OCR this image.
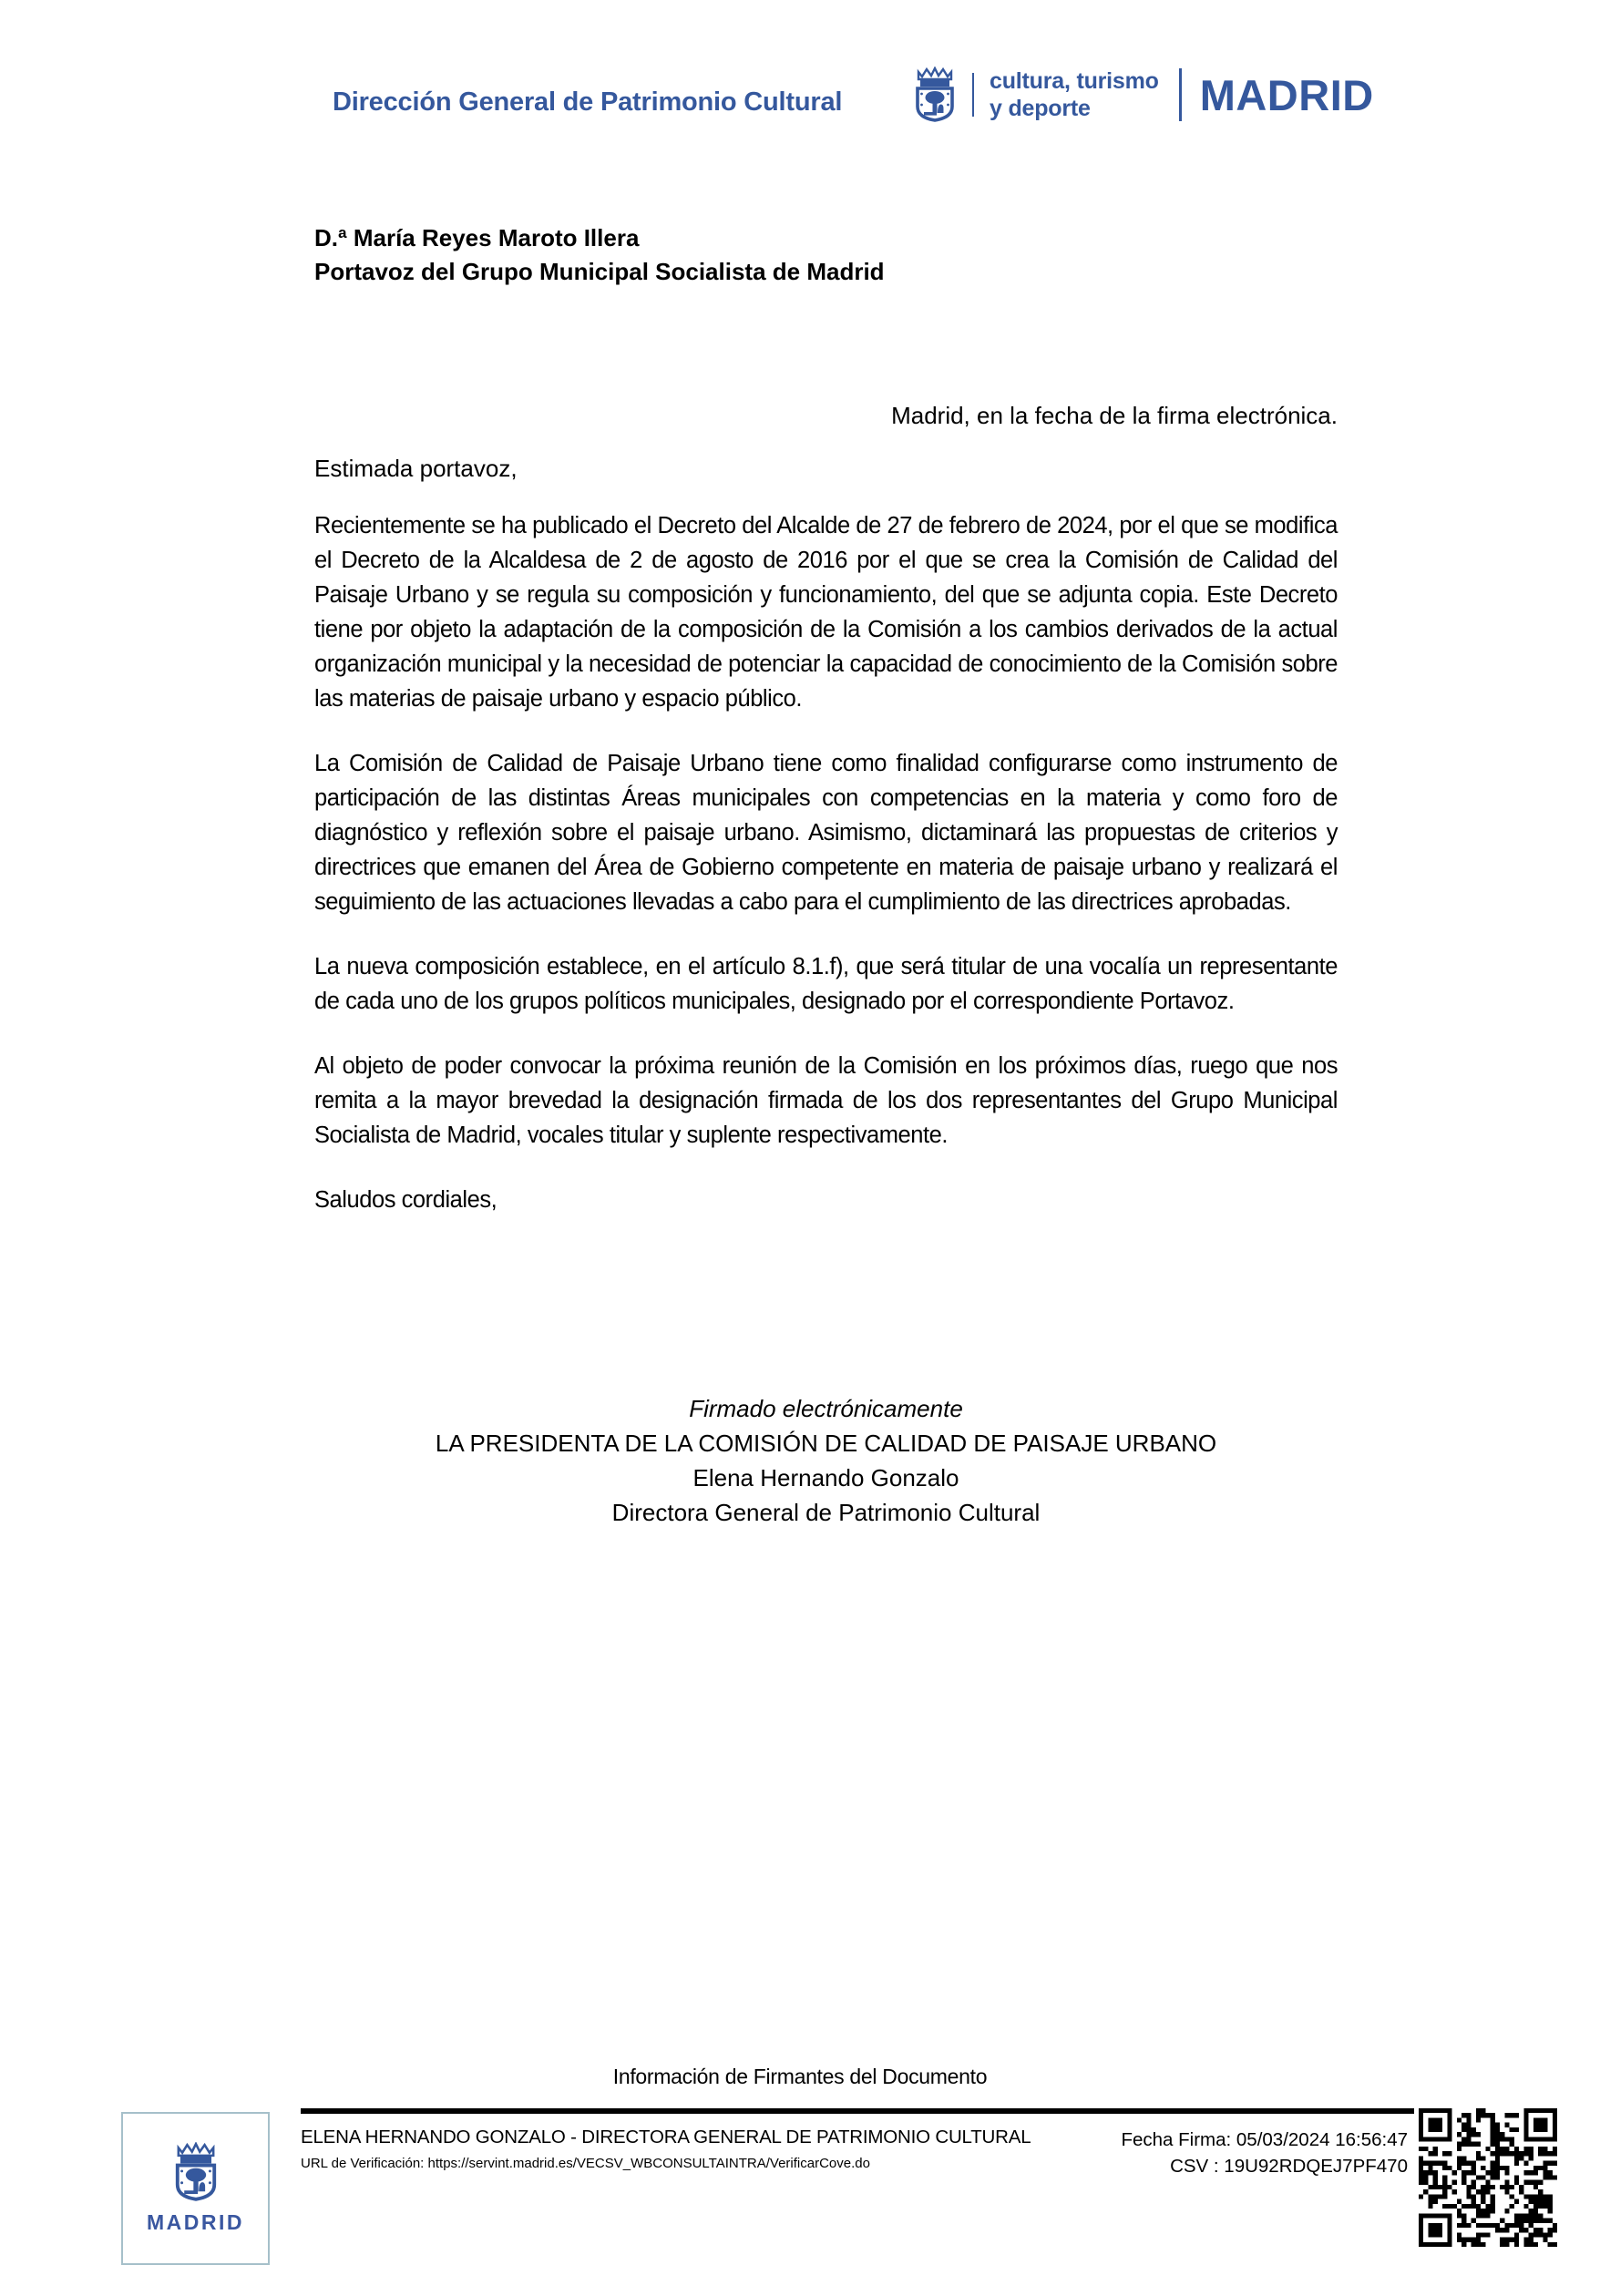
Dirección General de Patrimonio Cultural
cultura, turismo
y deporte	MADRID
D.ª María Reyes Maroto Illera
Portavoz del Grupo Municipal Socialista de Madrid
Madrid, en la fecha de la firma electrónica.
Estimada portavoz,

Recientemente se ha publicado el Decreto del Alcalde de 27 de febrero de 2024, por el que se modifica el Decreto de la Alcaldesa de 2 de agosto de 2016 por el que se crea la Comisión de Calidad del Paisaje Urbano y se regula su composición y funcionamiento, del que se adjunta copia. Este Decreto tiene por objeto la adaptación de la composición de la Comisión a los cambios derivados de la actual organización municipal y la necesidad de potenciar la capacidad de conocimiento de la Comisión sobre las materias de paisaje urbano y espacio público.

La Comisión de Calidad de Paisaje Urbano tiene como finalidad configurarse como instrumento de participación de las distintas Áreas municipales con competencias en la materia y como foro de diagnóstico y reflexión sobre el paisaje urbano. Asimismo, dictaminará las propuestas de criterios y directrices que emanen del Área de Gobierno competente en materia de paisaje urbano y realizará el seguimiento de las actuaciones llevadas a cabo para el cumplimiento de las directrices aprobadas.

La nueva composición establece, en el artículo 8.1.f), que será titular de una vocalía un representante de cada uno de los grupos políticos municipales, designado por el correspondiente Portavoz.

Al objeto de poder convocar la próxima reunión de la Comisión en los próximos días, ruego que nos remita a la mayor brevedad la designación firmada de los dos representantes del Grupo Municipal Socialista de Madrid, vocales titular y suplente respectivamente.

Saludos cordiales,

Firmado electrónicamente
LA PRESIDENTA DE LA COMISIÓN DE CALIDAD DE PAISAJE URBANO
Elena Hernando Gonzalo
Directora General de Patrimonio Cultural
Información de Firmantes del Documento
MADRID
ELENA HERNANDO GONZALO - DIRECTORA GENERAL DE PATRIMONIO CULTURAL
URL de Verificación: https://servint.madrid.es/VECSV_WBCONSULTAINTRA/VerificarCove.do
Fecha Firma: 05/03/2024 16:56:47
CSV : 19U92RDQEJ7PF470
